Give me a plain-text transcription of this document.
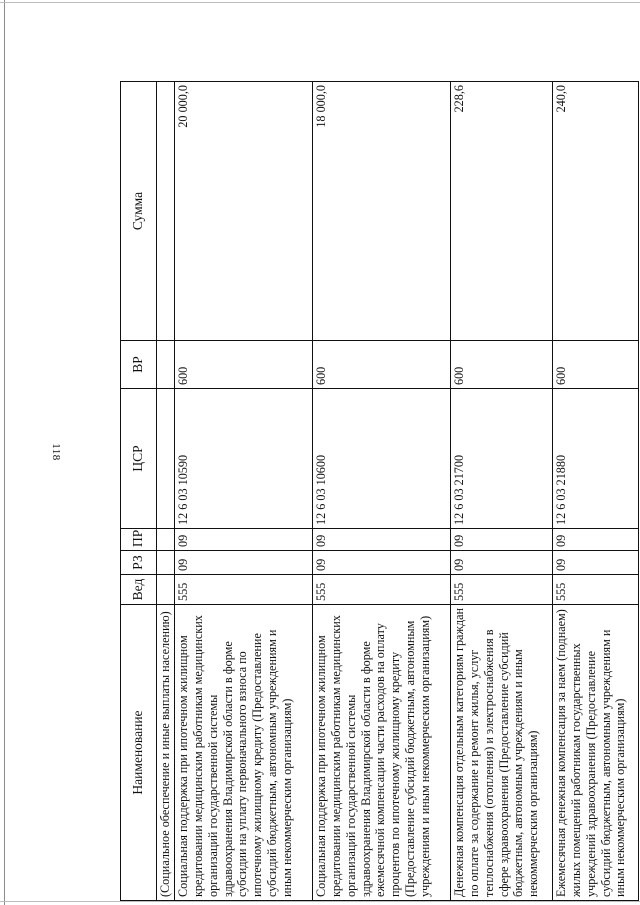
118
Наименование	Вед	РЗ	ПР	ЦСР	ВР	Сумма
(Социальное обеспечение и иные выплаты населению)						
Социальная поддержка при ипотечном жилищном кредитовании медицинским работникам медицинских организаций государственной системы здравоохранения Владимирской области в форме субсидии на уплату первоначального взноса по ипотечному жилищному кредиту (Предоставление субсидий бюджетным, автономным учреждениям и иным некоммерческим организациям)	555	09	09	12 6 03 10590	600	20 000,0
Социальная поддержка при ипотечном жилищном кредитовании медицинским работникам медицинских организаций государственной системы здравоохранения Владимирской области в форме ежемесячной компенсации части расходов на оплату процентов по ипотечному жилищному кредиту (Предоставление субсидий бюджетным, автономным учреждениям и иным некоммерческим организациям)	555	09	09	12 6 03 10600	600	18 000,0
Денежная компенсация отдельным категориям граждан по оплате за содержание и ремонт жилья, услуг теплоснабжения (отопления) и электроснабжения в сфере здравоохранения (Предоставление субсидий бюджетным, автономным учреждениям и иным некоммерческим организациям)	555	09	09	12 6 03 21700	600	228,6
Ежемесячная денежная компенсация за наем (поднаем) жилых помещений работникам государственных учреждений здравоохранения (Предоставление субсидий бюджетным, автономным учреждениям и иным некоммерческим организациям)	555	09	09	12 6 03 21880	600	240,0
